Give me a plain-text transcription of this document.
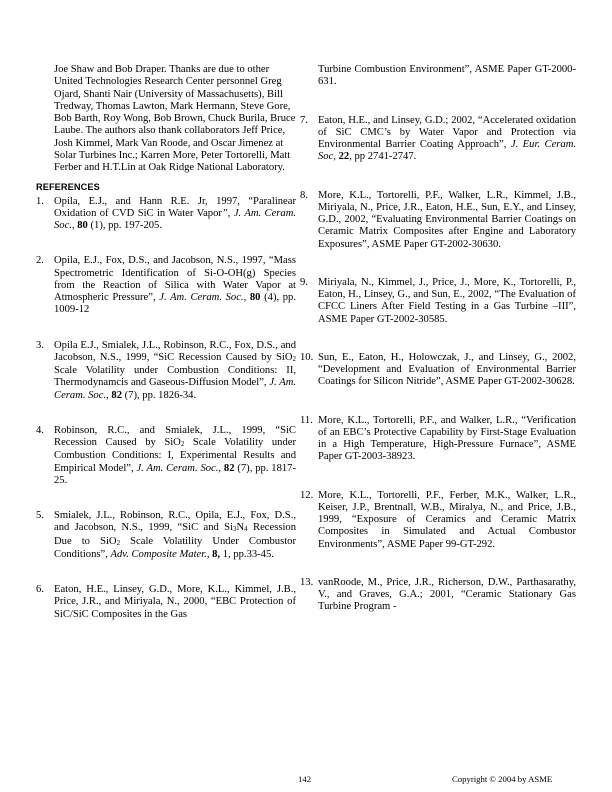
Joe Shaw and Bob Draper. Thanks are due to other United Technologies Research Center personnel Greg Ojard, Shanti Nair (University of Massachusetts), Bill Tredway, Thomas Lawton, Mark Hermann, Steve Gore, Bob Barth, Roy Wong, Bob Brown, Chuck Burila, Bruce Laube. The authors also thank collaborators Jeff Price, Josh Kimmel, Mark Van Roode, and Oscar Jimenez at Solar Turbines Inc.; Karren More, Peter Tortorelli, Matt Ferber and H.T.Lin at Oak Ridge National Laboratory.

REFERENCES
1. Opila, E.J., and Hann R.E. Jr, 1997, “Paralinear Oxidation of CVD SiC in Water Vapor”, J. Am. Ceram. Soc., 80 (1), pp. 197-205.
2. Opila, E.J., Fox, D.S., and Jacobson, N.S., 1997, “Mass Spectrometric Identification of Si-O-OH(g) Species from the Reaction of Silica with Water Vapor at Atmospheric Pressure”, J. Am. Ceram. Soc., 80 (4), pp. 1009-12
3. Opila E.J., Smialek, J.L., Robinson, R.C., Fox, D.S., and Jacobson, N.S., 1999, “SiC Recession Caused by SiO2 Scale Volatility under Combustion Conditions: II, Thermodynamcis and Gaseous-Diffusion Model”, J. Am. Ceram. Soc., 82 (7), pp. 1826-34.
4. Robinson, R.C., and Smialek, J.L., 1999, “SiC Recession Caused by SiO2 Scale Volatility under Combustion Conditions: I, Experimental Results and Empirical Model”, J. Am. Ceram. Soc., 82 (7), pp. 1817-25.
5. Smialek, J.L., Robinson, R.C., Opila, E.J., Fox, D.S., and Jacobson, N.S., 1999, “SiC and Si3N4 Recession Due to SiO2 Scale Volatility Under Combustor Conditions”, Adv. Composite Mater., 8, 1, pp.33-45.
6. Eaton, H.E., Linsey, G.D., More, K.L., Kimmel, J.B., Price, J.R., and Miriyala, N., 2000, “EBC Protection of SiC/SiC Composites in the Gas
Turbine Combustion Environment”, ASME Paper GT-2000-631.
7. Eaton, H.E., and Linsey, G.D.; 2002, “Accelerated oxidation of SiC CMC’s by Water Vapor and Protection via Environmental Barrier Coating Approach”, J. Eur. Ceram. Soc, 22, pp 2741-2747.
8. More, K.L., Tortorelli, P.F., Walker, L.R., Kimmel, J.B., Miriyala, N., Price, J.R., Eaton, H.E., Sun, E.Y., and Linsey, G.D., 2002, “Evaluating Environmental Barrier Coatings on Ceramic Matrix Composites after Engine and Laboratory Exposures”, ASME Paper GT-2002-30630.
9. Miriyala, N., Kimmel, J., Price, J., More, K., Tortorelli, P., Eaton, H., Linsey, G., and Sun, E., 2002, “The Evaluation of CFCC Liners After Field Testing in a Gas Turbine –III”, ASME Paper GT-2002-30585.
10. Sun, E., Eaton, H., Holowczak, J., and Linsey, G., 2002, “Development and Evaluation of Environmental Barrier Coatings for Silicon Nitride”, ASME Paper GT-2002-30628.
11. More, K.L., Tortorelli, P.F., and Walker, L.R., “Verification of an EBC’s Protective Capability by First-Stage Evaluation in a High Temperature, High-Pressure Furnace”, ASME Paper GT-2003-38923.
12. More, K.L., Tortorelli, P.F., Ferber, M.K., Walker, L.R., Keiser, J.P., Brentnall, W.B., Miralya, N., and Price, J.B., 1999, “Exposure of Ceramics and Ceramic Matrix Composites in Simulated and Actual Combustor Environments”, ASME Paper 99-GT-292.
13. vanRoode, M., Price, J.R., Richerson, D.W., Parthasarathy, V., and Graves, G.A.; 2001, “Ceramic Stationary Gas Turbine Program -
142	Copyright © 2004 by ASME
